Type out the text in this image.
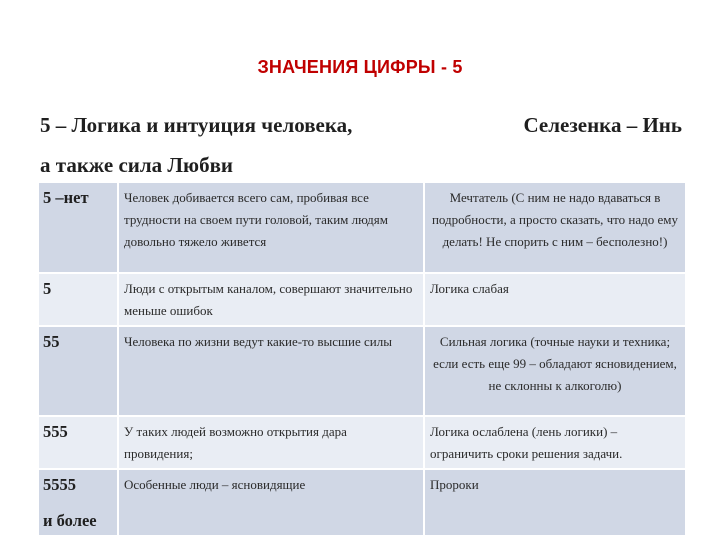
ЗНАЧЕНИЯ ЦИФРЫ - 5
5 – Логика и интуиция человека,
а также сила Любви
Селезенка – Инь
5 –нет	Человек добивается всего сам, пробивая все трудности на своем пути головой, таким людям довольно тяжело живется	Мечтатель (С ним не надо вдаваться в подробности, а просто сказать, что надо ему делать! Не спорить с ним – бесполезно!)
5	Люди с открытым каналом, совершают значительно меньше ошибок	Логика слабая
55	Человека по жизни ведут какие-то высшие силы	Сильная логика (точные науки и техника; если есть еще 99 – обладают ясновидением, не склонны к алкоголю)
555	У таких людей возможно открытия дара провидения;	Логика ослаблена (лень логики) – ограничить сроки решения задачи.
5555
и более	Особенные люди – ясновидящие	Пророки
